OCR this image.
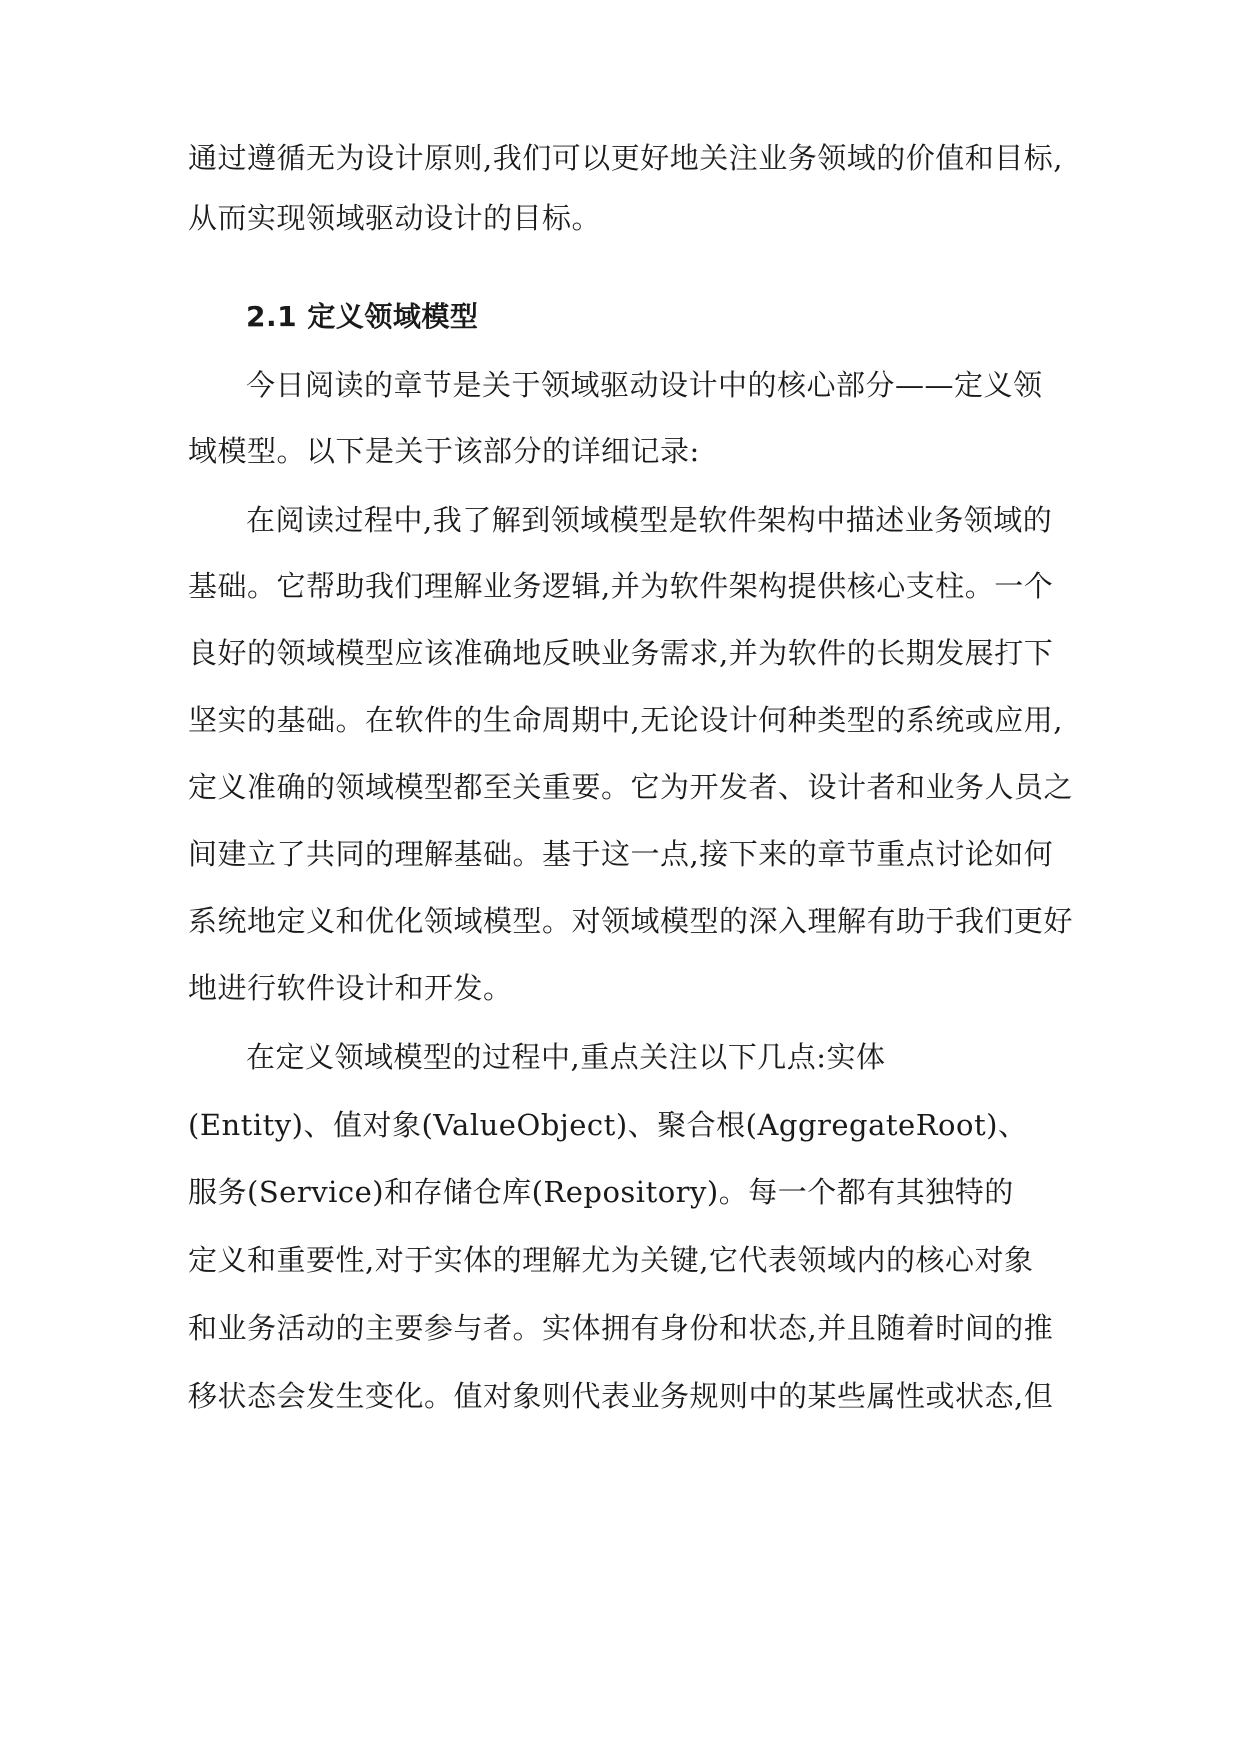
通过遵循无为设计原则,我们可以更好地关注业务领域的价值和目标,
从而实现领域驱动设计的目标。
2.1 定义领域模型
今日阅读的章节是关于领域驱动设计中的核心部分——定义领
域模型。以下是关于该部分的详细记录:
在阅读过程中,我了解到领域模型是软件架构中描述业务领域的
基础。它帮助我们理解业务逻辑,并为软件架构提供核心支柱。一个
良好的领域模型应该准确地反映业务需求,并为软件的长期发展打下
坚实的基础。在软件的生命周期中,无论设计何种类型的系统或应用,
定义准确的领域模型都至关重要。它为开发者、设计者和业务人员之
间建立了共同的理解基础。基于这一点,接下来的章节重点讨论如何
系统地定义和优化领域模型。对领域模型的深入理解有助于我们更好
地进行软件设计和开发。
在定义领域模型的过程中,重点关注以下几点:实体
(Entity)、值对象(ValueObject)、聚合根(AggregateRoot)、
服务(Service)和存储仓库(Repository)。每一个都有其独特的
定义和重要性,对于实体的理解尤为关键,它代表领域内的核心对象
和业务活动的主要参与者。实体拥有身份和状态,并且随着时间的推
移状态会发生变化。值对象则代表业务规则中的某些属性或状态,但
